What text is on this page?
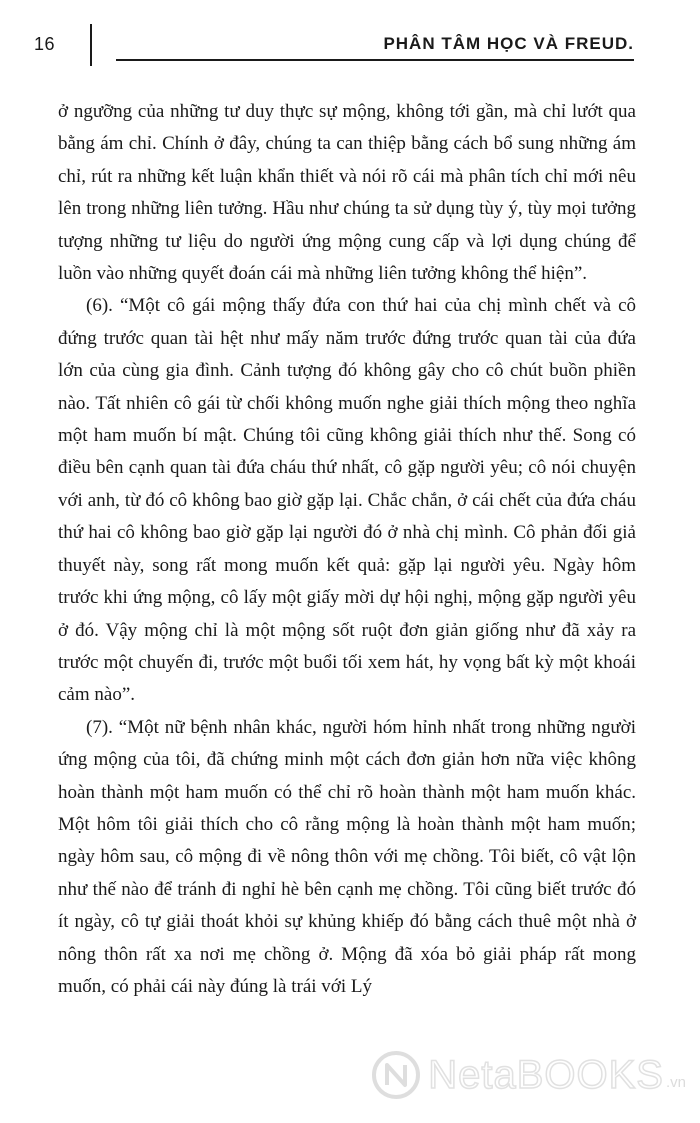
16	PHÂN TÂM HỌC VÀ FREUD.

ở ngưỡng của những tư duy thực sự mộng, không tới gần, mà chỉ lướt qua bằng ám chỉ. Chính ở đây, chúng ta can thiệp bằng cách bổ sung những ám chỉ, rút ra những kết luận khẩn thiết và nói rõ cái mà phân tích chỉ mới nêu lên trong những liên tưởng. Hầu như chúng ta sử dụng tùy ý, tùy mọi tưởng tượng những tư liệu do người ứng mộng cung cấp và lợi dụng chúng để luồn vào những quyết đoán cái mà những liên tưởng không thể hiện”.

(6). “Một cô gái mộng thấy đứa con thứ hai của chị mình chết và cô đứng trước quan tài hệt như mấy năm trước đứng trước quan tài của đứa lớn của cùng gia đình. Cảnh tượng đó không gây cho cô chút buồn phiền nào. Tất nhiên cô gái từ chối không muốn nghe giải thích mộng theo nghĩa một ham muốn bí mật. Chúng tôi cũng không giải thích như thế. Song có điều bên cạnh quan tài đứa cháu thứ nhất, cô gặp người yêu; cô nói chuyện với anh, từ đó cô không bao giờ gặp lại. Chắc chắn, ở cái chết của đứa cháu thứ hai cô không bao giờ gặp lại người đó ở nhà chị mình. Cô phản đối giả thuyết này, song rất mong muốn kết quả: gặp lại người yêu. Ngày hôm trước khi ứng mộng, cô lấy một giấy mời dự hội nghị, mộng gặp người yêu ở đó. Vậy mộng chỉ là một mộng sốt ruột đơn giản giống như đã xảy ra trước một chuyến đi, trước một buổi tối xem hát, hy vọng bất kỳ một khoái cảm nào”.

(7). “Một nữ bệnh nhân khác, người hóm hỉnh nhất trong những người ứng mộng của tôi, đã chứng minh một cách đơn giản hơn nữa việc không hoàn thành một ham muốn có thể chỉ rõ hoàn thành một ham muốn khác. Một hôm tôi giải thích cho cô rằng mộng là hoàn thành một ham muốn; ngày hôm sau, cô mộng đi về nông thôn với mẹ chồng. Tôi biết, cô vật lộn như thế nào để tránh đi nghỉ hè bên cạnh mẹ chồng. Tôi cũng biết trước đó ít ngày, cô tự giải thoát khỏi sự khủng khiếp đó bằng cách thuê một nhà ở nông thôn rất xa nơi mẹ chồng ở. Mộng đã xóa bỏ giải pháp rất mong muốn, có phải cái này đúng là trái với Lý

NetaBOOKS .vn
